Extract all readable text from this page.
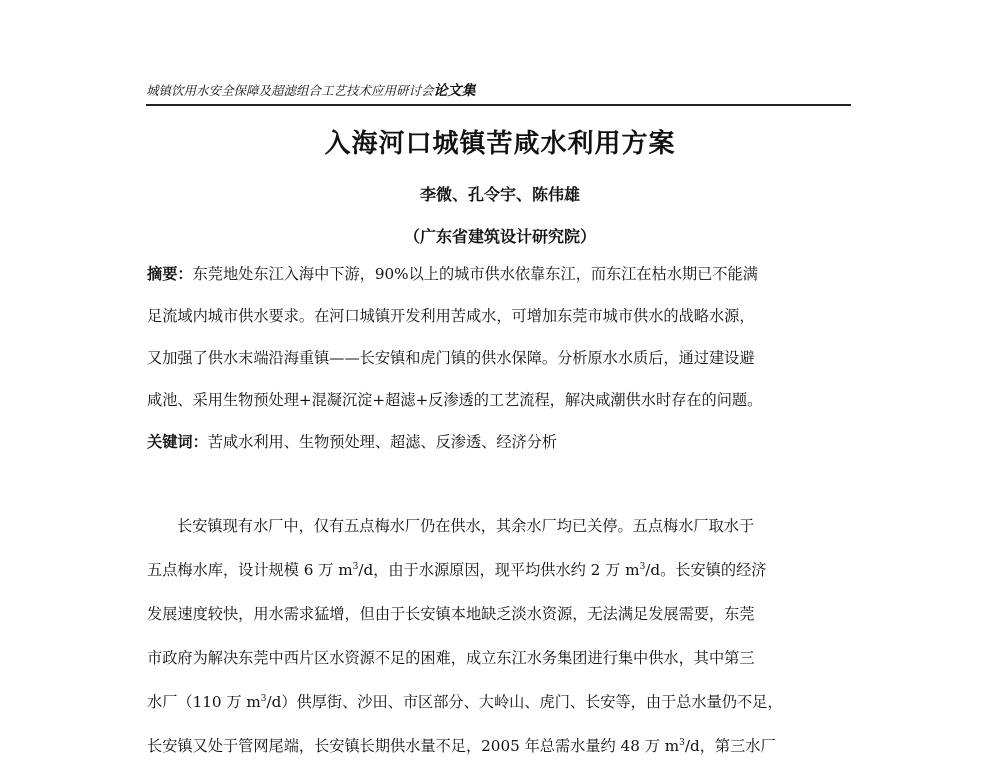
城镇饮用水安全保障及超滤组合工艺技术应用研讨会论文集
入海河口城镇苦咸水利用方案
李微、孔令宇、陈伟雄
（广东省建筑设计研究院）
摘要：东莞地处东江入海中下游，90%以上的城市供水依靠东江，而东江在枯水期已不能满
足流域内城市供水要求。在河口城镇开发利用苦咸水，可增加东莞市城市供水的战略水源，
又加强了供水末端沿海重镇——长安镇和虎门镇的供水保障。分析原水水质后，通过建设避
咸池、采用生物预处理+混凝沉淀+超滤+反渗透的工艺流程，解决咸潮供水时存在的问题。
关键词：苦咸水利用、生物预处理、超滤、反渗透、经济分析
长安镇现有水厂中，仅有五点梅水厂仍在供水，其余水厂均已关停。五点梅水厂取水于
五点梅水库，设计规模 6 万 $m^3/d$，由于水源原因，现平均供水约 2 万 $m^3/d$。长安镇的经济
发展速度较快，用水需求猛增，但由于长安镇本地缺乏淡水资源，无法满足发展需要，东莞
市政府为解决东莞中西片区水资源不足的困难，成立东江水务集团进行集中供水，其中第三
水厂（110 万 $m^3/d$）供厚街、沙田、市区部分、大岭山、虎门、长安等，由于总水量仍不足，
长安镇又处于管网尾端，长安镇长期供水量不足，2005 年总需水量约 48 万 $m^3/d$，第三水厂
